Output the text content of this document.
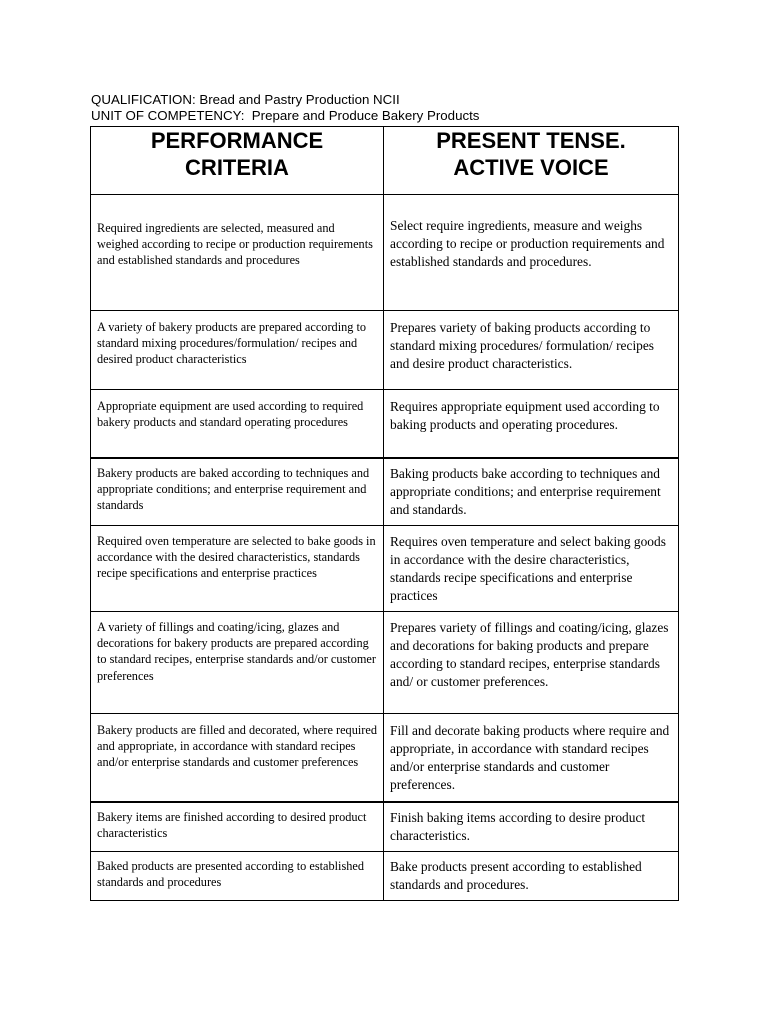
QUALIFICATION: Bread and Pastry Production NCII
UNIT OF COMPETENCY:  Prepare and Produce Bakery Products
PERFORMANCE
CRITERIA	PRESENT TENSE.
ACTIVE VOICE

Required ingredients are selected, measured and weighed according to recipe or production requirements and established standards and procedures	Select require ingredients, measure and weighs according to recipe or production requirements and established standards and procedures.

A variety of bakery products are prepared according to standard mixing procedures/formulation/ recipes and desired product characteristics	Prepares variety of baking products according to standard mixing procedures/ formulation/ recipes and desire product characteristics.

Appropriate equipment are used according to required bakery products and standard operating procedures	Requires appropriate equipment used according to baking products and operating procedures.

Bakery products are baked according to techniques and appropriate conditions; and enterprise requirement and standards	Baking products bake according to techniques and appropriate conditions; and enterprise requirement and standards.

Required oven temperature are selected to bake goods in accordance with the desired characteristics, standards recipe specifications and enterprise practices	Requires oven temperature and select baking goods in accordance with the desire characteristics, standards recipe specifications and enterprise practices

A variety of fillings and coating/icing, glazes and decorations for bakery products are prepared according to standard recipes, enterprise standards and/or customer preferences	Prepares variety of fillings and coating/icing, glazes and decorations for baking products and prepare according to standard recipes, enterprise standards and/ or customer preferences.

Bakery products are filled and decorated, where required and appropriate, in accordance with standard recipes and/or enterprise standards and customer preferences	Fill and decorate baking products where require and appropriate, in accordance with standard recipes and/or enterprise standards and customer preferences.

Bakery items are finished according to desired product characteristics	Finish baking items according to desire product characteristics.

Baked products are presented according to established standards and procedures	Bake products present according to established standards and procedures.
